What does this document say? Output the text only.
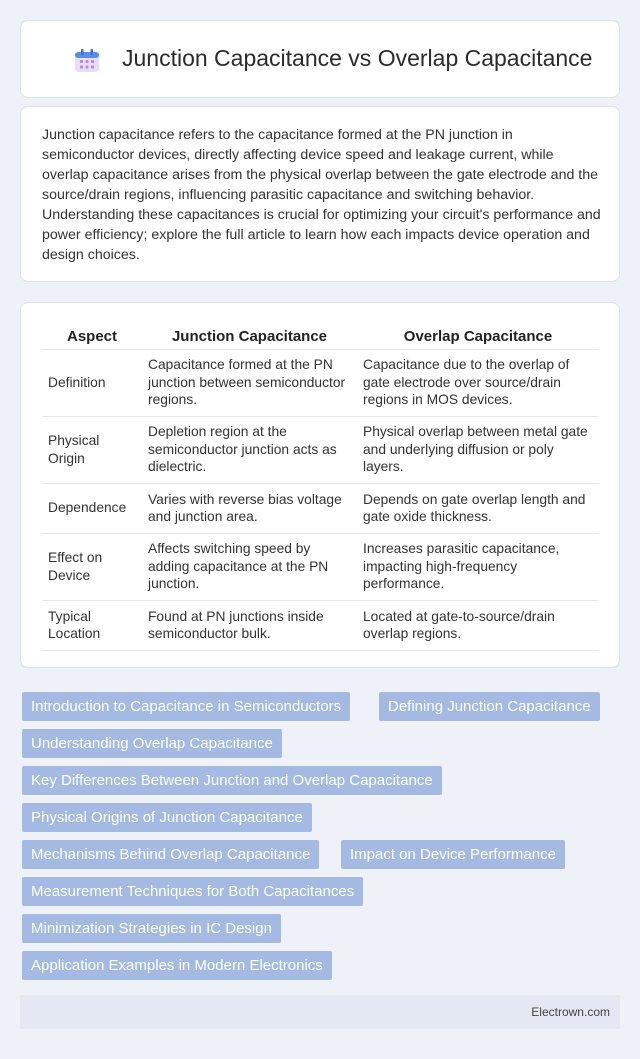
Junction Capacitance vs Overlap Capacitance

Junction capacitance refers to the capacitance formed at the PN junction in semiconductor devices, directly affecting device speed and leakage current, while overlap capacitance arises from the physical overlap between the gate electrode and the source/drain regions, influencing parasitic capacitance and switching behavior. Understanding these capacitances is crucial for optimizing your circuit's performance and power efficiency; explore the full article to learn how each impacts device operation and design choices.

Aspect	Junction Capacitance	Overlap Capacitance
Definition	Capacitance formed at the PN junction between semiconductor regions.	Capacitance due to the overlap of gate electrode over source/drain regions in MOS devices.
Physical Origin	Depletion region at the semiconductor junction acts as dielectric.	Physical overlap between metal gate and underlying diffusion or poly layers.
Dependence	Varies with reverse bias voltage and junction area.	Depends on gate overlap length and gate oxide thickness.
Effect on Device	Affects switching speed by adding capacitance at the PN junction.	Increases parasitic capacitance, impacting high-frequency performance.
Typical Location	Found at PN junctions inside semiconductor bulk.	Located at gate-to-source/drain overlap regions.
Introduction to Capacitance in Semiconductors	Defining Junction Capacitance
Understanding Overlap Capacitance
Key Differences Between Junction and Overlap Capacitance
Physical Origins of Junction Capacitance
Mechanisms Behind Overlap Capacitance	Impact on Device Performance
Measurement Techniques for Both Capacitances
Minimization Strategies in IC Design
Application Examples in Modern Electronics
Electrown.com
